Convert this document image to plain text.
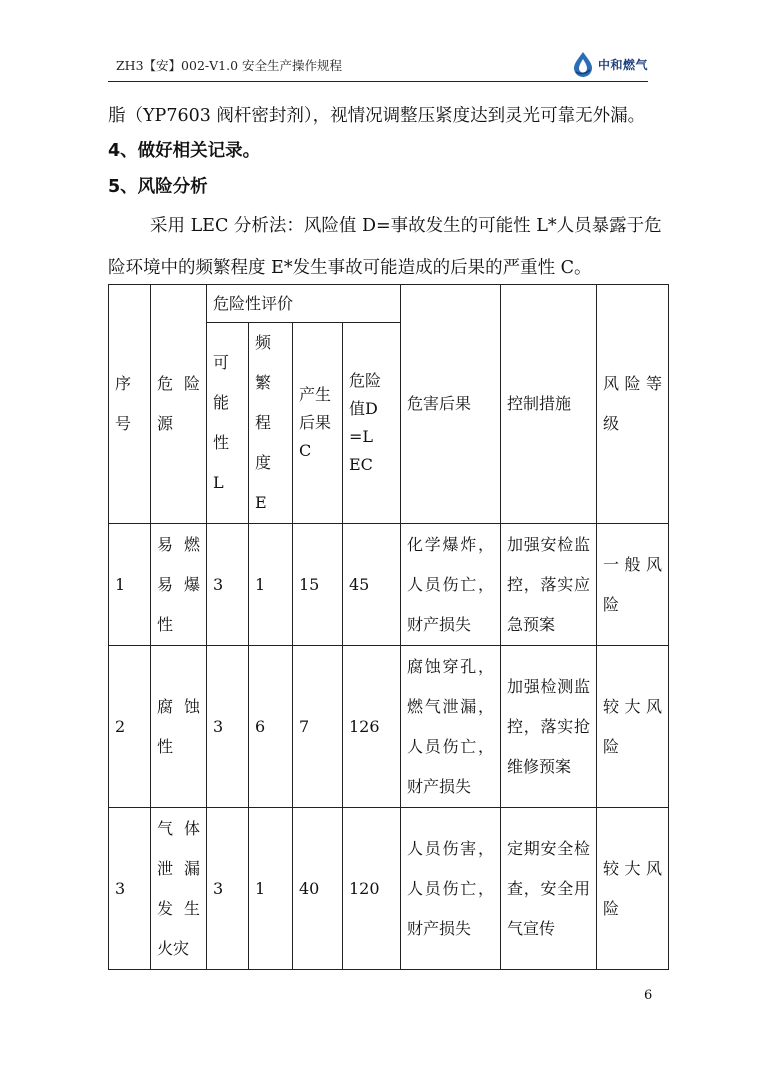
ZH3【安】002-V1.0 安全生产操作规程	中和燃气
脂（YP7603 阀杆密封剂），视情况调整压紧度达到灵光可靠无外漏。
4、做好相关记录。
5、风险分析
采用 LEC 分析法：风险值 D=事故发生的可能性 L*人员暴露于危
险环境中的频繁程度 E*发生事故可能造成的后果的严重性 C。
序号	危险源	危险性评价				危害后果	控制措施	风险等级

		可能性L	频繁程度E	产生后果C	危险值D=LEC			

1	易燃易爆性	3	1	15	45	化学爆炸，人员伤亡，财产损失	加强安检监控，落实应急预案	一般风险

2	腐蚀性	3	6	7	126	腐蚀穿孔，燃气泄漏，人员伤亡，财产损失	加强检测监控，落实抢维修预案	较大风险

3	气体泄漏发生火灾	3	1	40	120	人员伤害，人员伤亡，财产损失	定期安全检查，安全用气宣传	较大风险
6
